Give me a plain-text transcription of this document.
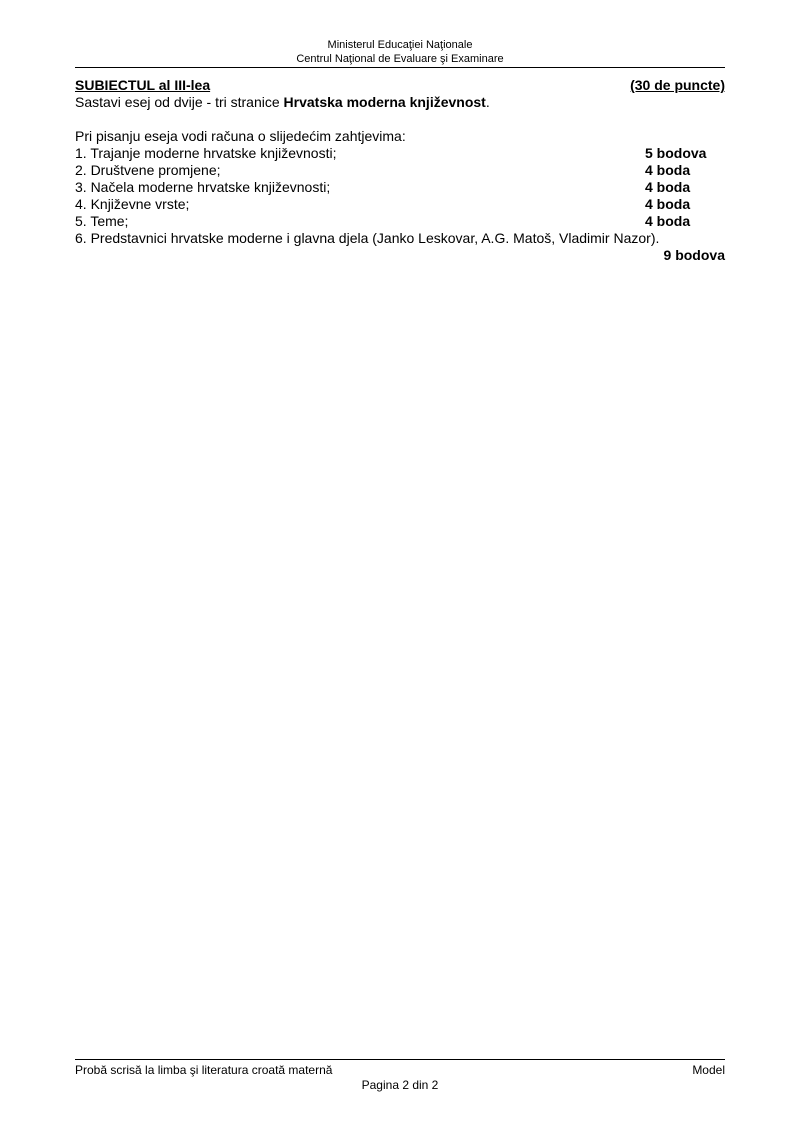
Ministerul Educaţiei Naţionale
Centrul Naţional de Evaluare şi Examinare
SUBIECTUL al III-lea	(30 de puncte)
Sastavi esej od dvije - tri stranice Hrvatska moderna književnost.
Pri pisanju eseja vodi računa o slijedećim zahtjevima:
1. Trajanje moderne hrvatske književnosti;	5 bodova
2. Društvene promjene;	4 boda
3. Načela moderne hrvatske književnosti;	4 boda
4. Književne vrste;	4 boda
5. Teme;	4 boda
6. Predstavnici hrvatske moderne i glavna djela (Janko Leskovar, A.G. Matoš, Vladimir Nazor).
9 bodova
Probă scrisă la limba şi literatura croată maternă	Model
Pagina 2 din 2
